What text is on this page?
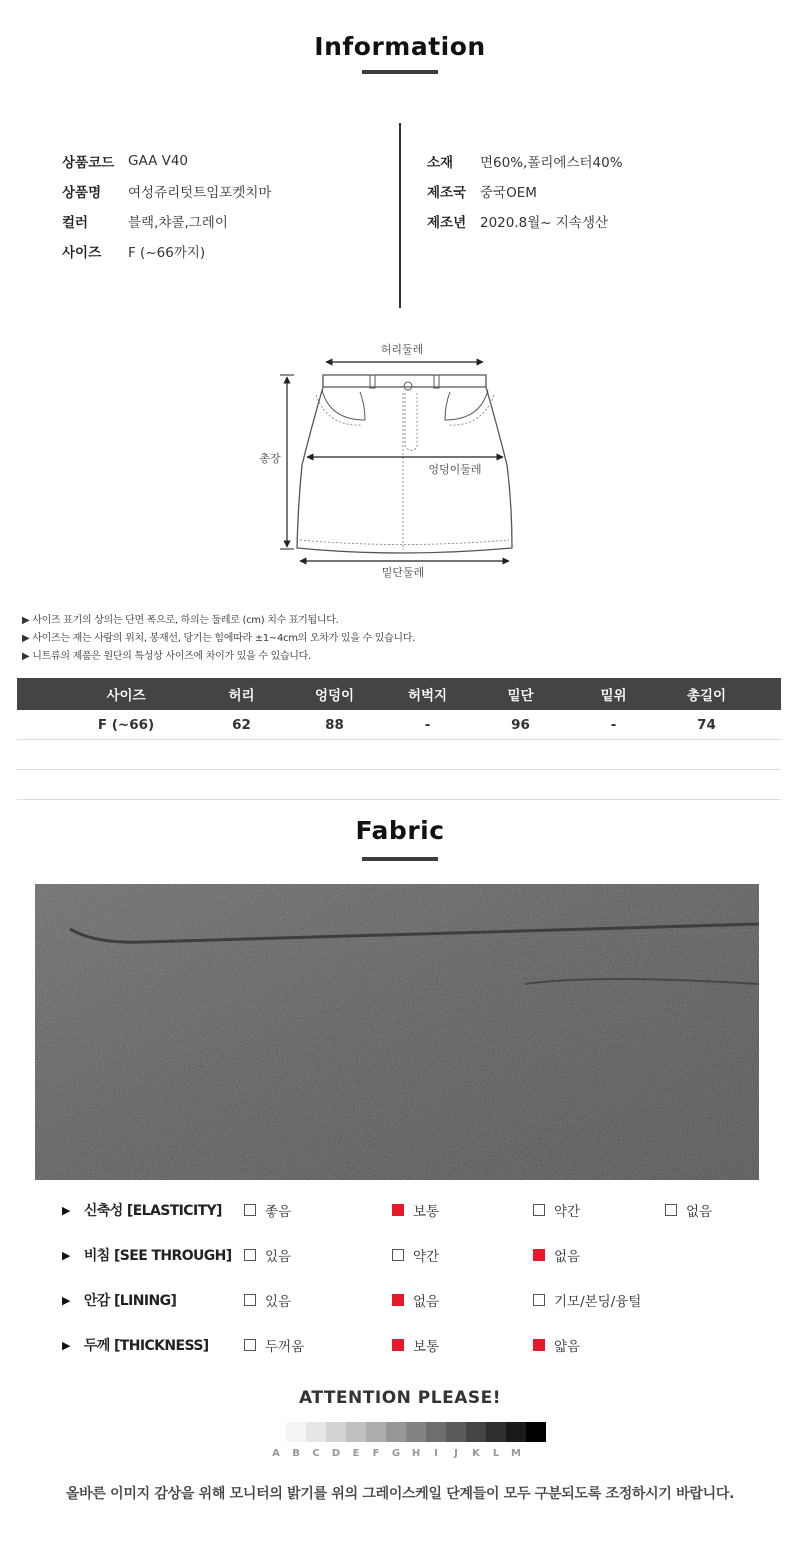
Information
상품코드	GAA V40
상품명	여성쥬리텃트임포켓치마
컬러	블랙,챠콜,그레이
사이즈	F (~66까지)
소재	면60%,폴리에스터40%
제조국	중국OEM
제조년	2020.8월~ 지속생산
허리둘레
엉덩이둘레
총장
밑단둘레
▶ 사이즈 표기의 상의는 단면 폭으로, 하의는 둘레로 (cm) 치수 표기됩니다.
▶ 사이즈는 재는 사람의 위치, 봉재선, 당기는 힘에따라 ±1~4cm의 오차가 있을 수 있습니다.
▶ 니트류의 제품은 원단의 특성상 사이즈에 차이가 있을 수 있습니다.
사이즈	허리	엉덩이	허벅지	밑단	밑위	총길이
F (~66)	62	88	-	96	-	74
Fabric
▶ 신축성 [ELASTICITY]	좋음	보통	약간	없음
▶ 비침 [SEE THROUGH] 있음	약간	없음
▶ 안감 [LINING]	있음	없음	기모/본딩/융털
▶ 두께 [THICKNESS]	두꺼움	보통	얇음
ATTENTION PLEASE!
A	B	C	D	E	F	G	H	I	J	K	L	M
올바른 이미지 감상을 위해 모니터의 밝기를 위의 그레이스케일 단계들이 모두 구분되도록 조정하시기 바랍니다.
